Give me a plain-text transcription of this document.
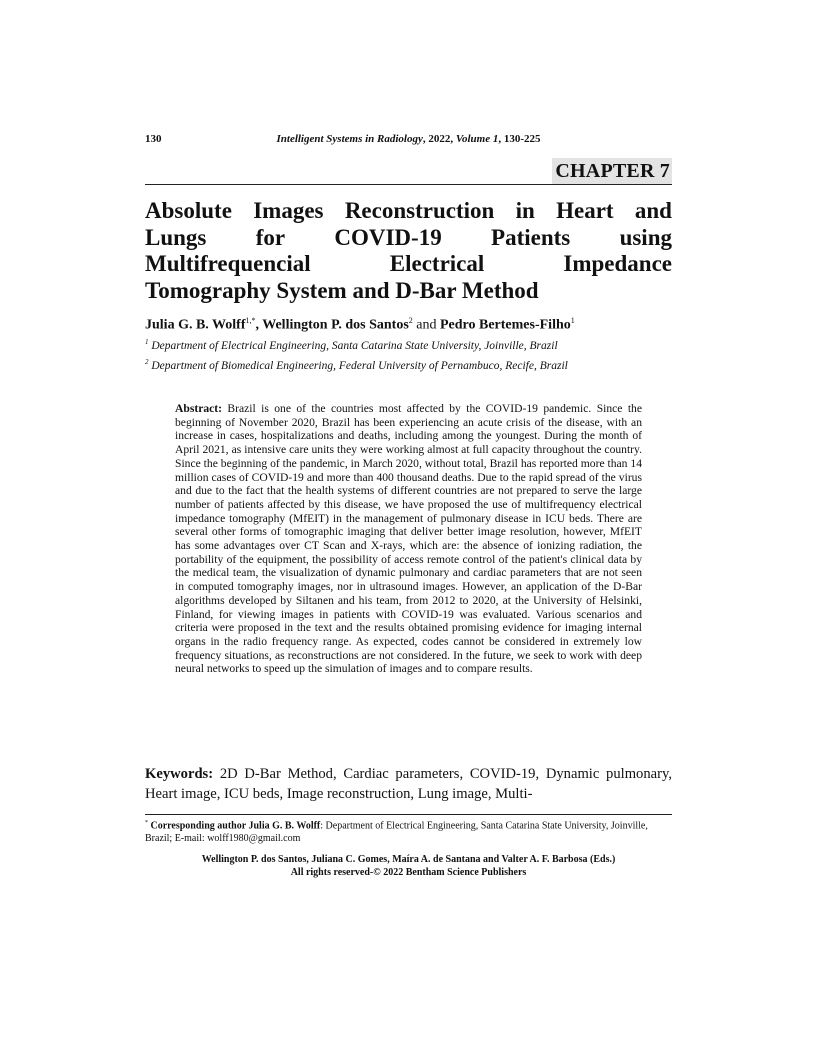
130	Intelligent Systems in Radiology, 2022, Volume 1, 130-225
CHAPTER 7
Absolute Images Reconstruction in Heart and
Lungs for COVID-19 Patients using
Multifrequencial	Electrical	Impedance
Tomography System and D-Bar Method
Julia G. B. Wolff$^{1,*}$, Wellington P. dos Santos$^2$ and Pedro Bertemes-Filho$^1$
$^1$ Department of Electrical Engineering, Santa Catarina State University, Joinville, Brazil
$^2$ Department of Biomedical Engineering, Federal University of Pernambuco, Recife, Brazil
Abstract: Brazil is one of the countries most affected by the COVID-19 pandemic. Since the beginning of November 2020, Brazil has been experiencing an acute crisis of the disease, with an increase in cases, hospitalizations and deaths, including among the youngest. During the month of April 2021, as intensive care units they were working almost at full capacity throughout the country. Since the beginning of the pandemic, in March 2020, without total, Brazil has reported more than 14 million cases of COVID-19 and more than 400 thousand deaths. Due to the rapid spread of the virus and due to the fact that the health systems of different countries are not prepared to serve the large number of patients affected by this disease, we have proposed the use of multifrequency electrical impedance tomography (MfEIT) in the management of pulmonary disease in ICU beds. There are several other forms of tomographic imaging that deliver better image resolution, however, MfEIT has some advantages over CT Scan and X-rays, which are: the absence of ionizing radiation, the portability of the equipment, the possibility of access remote control of the patient's clinical data by the medical team, the visualization of dynamic pulmonary and cardiac parameters that are not seen in computed tomography images, nor in ultrasound images. However, an application of the D-Bar algorithms developed by Siltanen and his team, from 2012 to 2020, at the University of Helsinki, Finland, for viewing images in patients with COVID-19 was evaluated. Various scenarios and criteria were proposed in the text and the results obtained promising evidence for imaging internal organs in the radio frequency range. As expected, codes cannot be considered in extremely low frequency situations, as reconstructions are not considered. In the future, we seek to work with deep neural networks to speed up the simulation of images and to compare results.
Keywords: 2D D-Bar Method, Cardiac parameters, COVID-19, Dynamic pulmonary, Heart image, ICU beds, Image reconstruction, Lung image, Multi-
* Corresponding author Julia G. B. Wolff: Department of Electrical Engineering, Santa Catarina State University, Joinville, Brazil; E-mail: wolff1980@gmail.com
Wellington P. dos Santos, Juliana C. Gomes, Maíra A. de Santana and Valter A. F. Barbosa (Eds.)
All rights reserved-© 2022 Bentham Science Publishers
